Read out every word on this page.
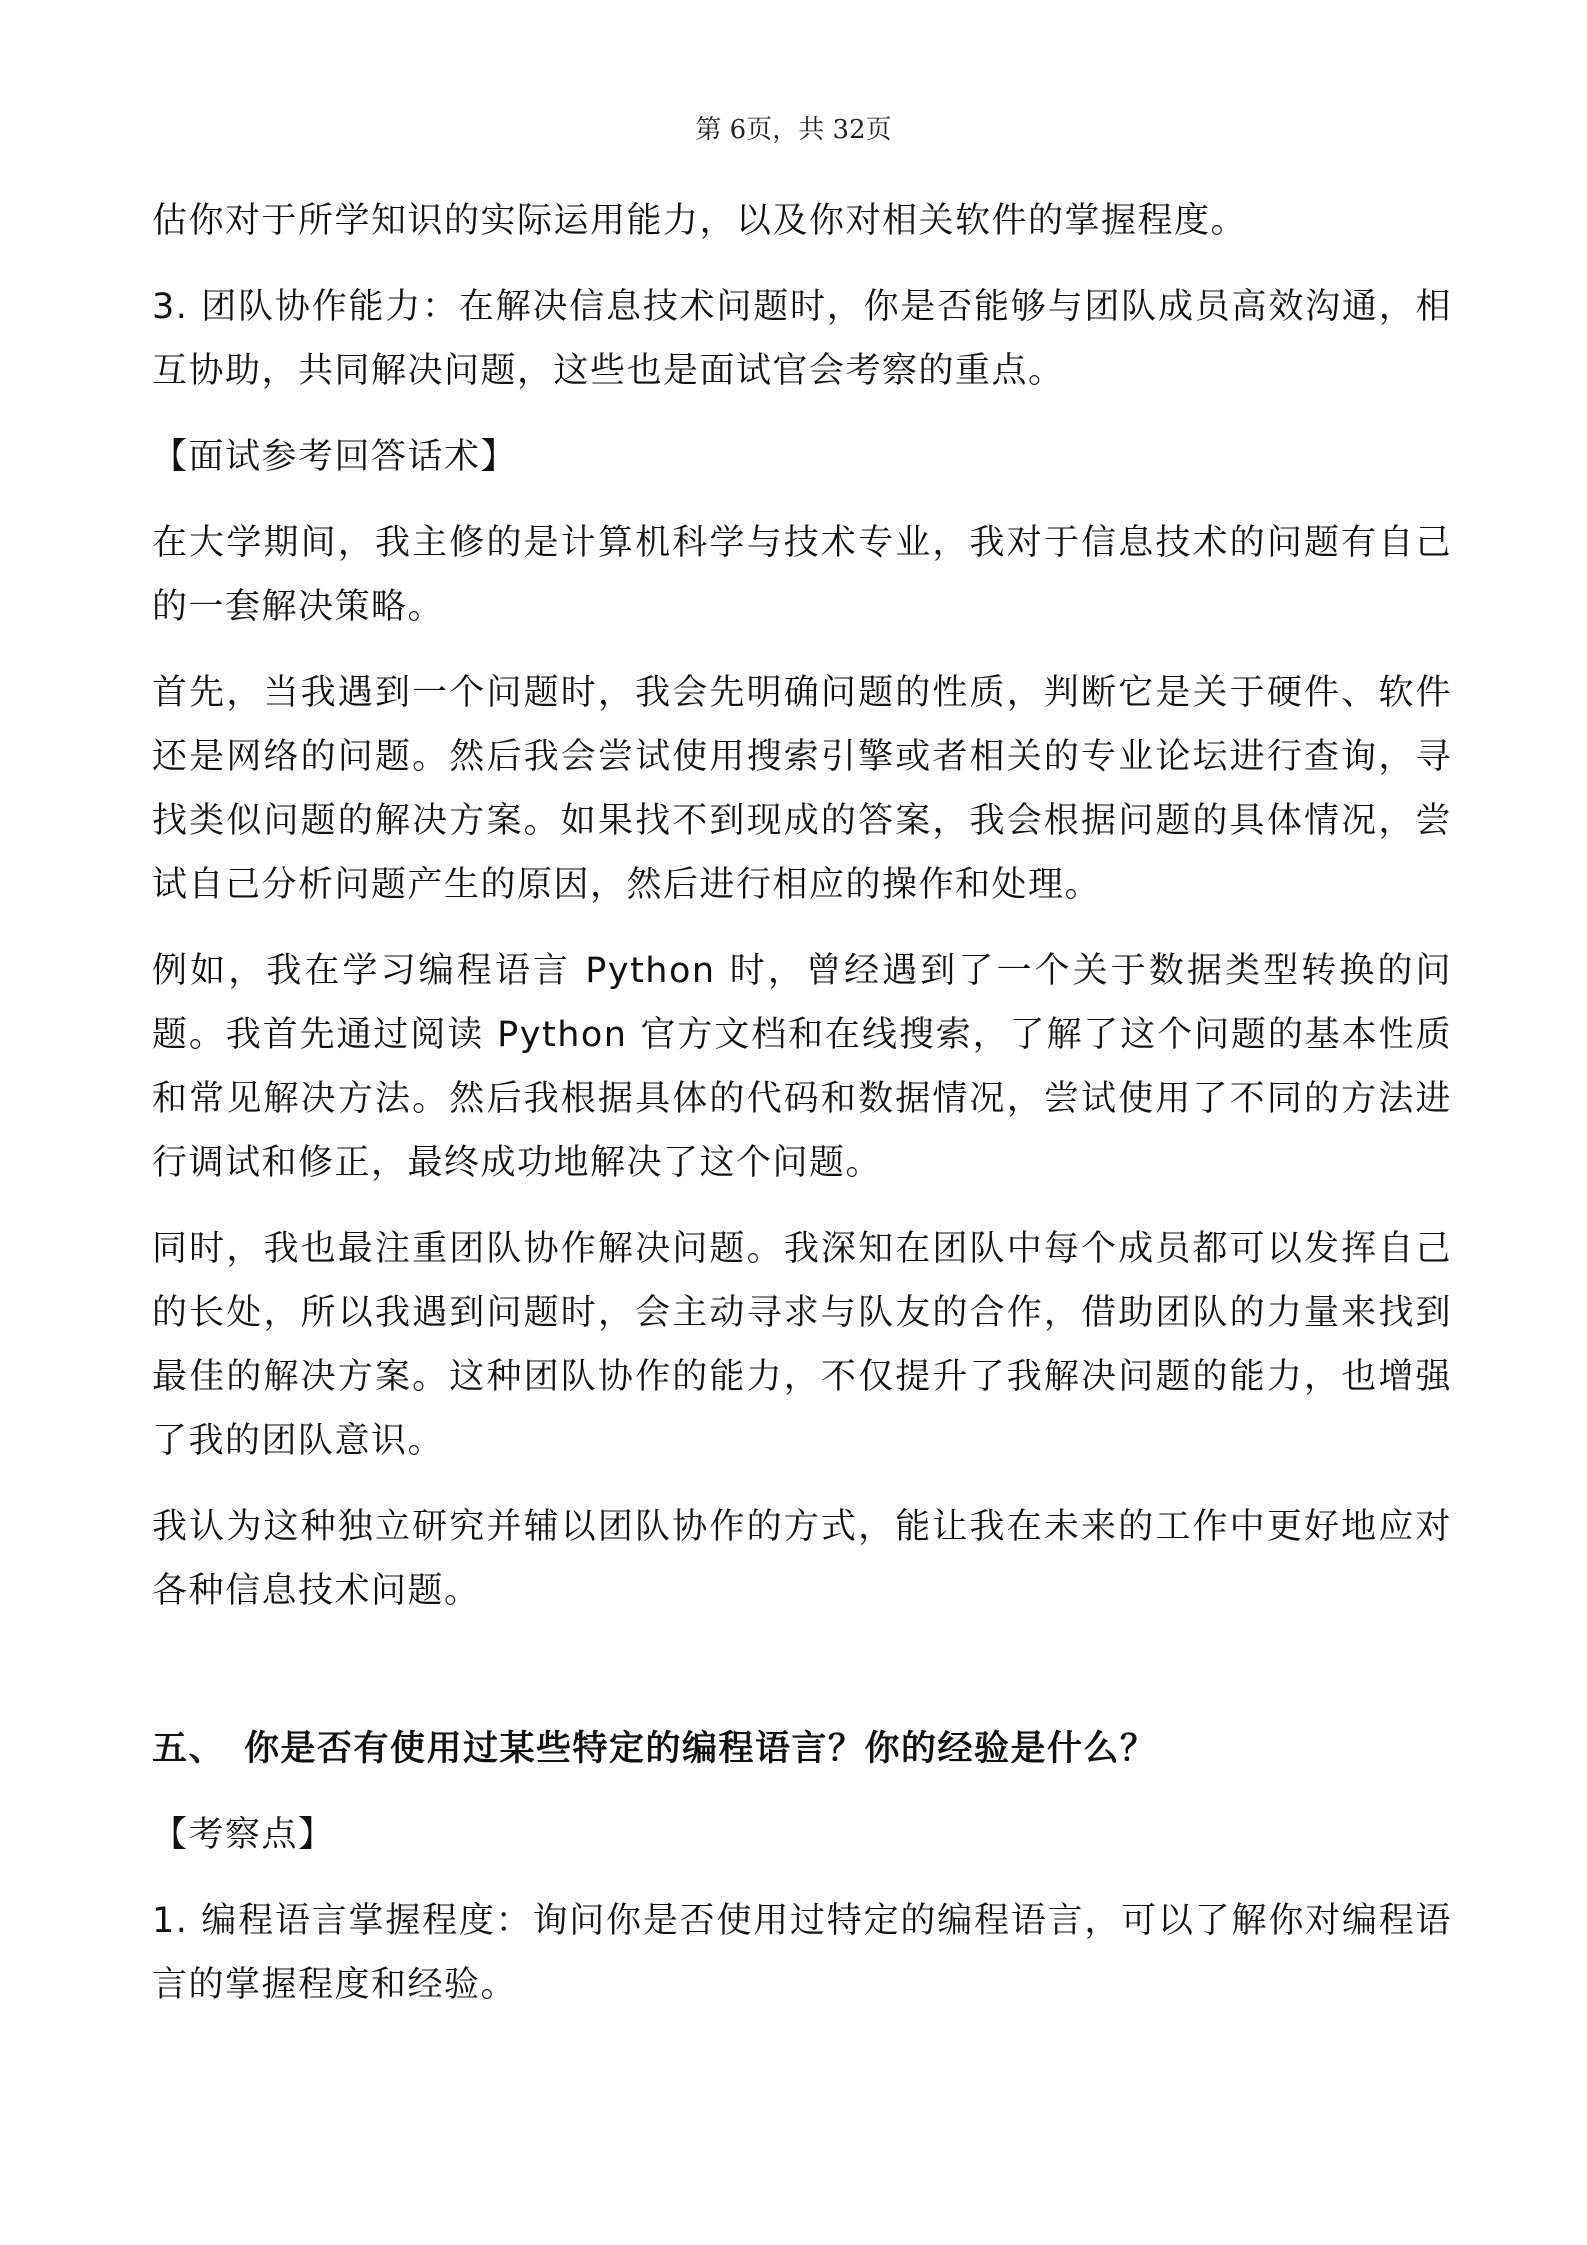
第 6页，共 32页

估你对于所学知识的实际运用能力，以及你对相关软件的掌握程度。

3. 团队协作能力：在解决信息技术问题时，你是否能够与团队成员高效沟通，相互协助，共同解决问题，这些也是面试官会考察的重点。

【面试参考回答话术】

在大学期间，我主修的是计算机科学与技术专业，我对于信息技术的问题有自己的一套解决策略。

首先，当我遇到一个问题时，我会先明确问题的性质，判断它是关于硬件、软件还是网络的问题。然后我会尝试使用搜索引擎或者相关的专业论坛进行查询，寻找类似问题的解决方案。如果找不到现成的答案，我会根据问题的具体情况，尝试自己分析问题产生的原因，然后进行相应的操作和处理。

例如，我在学习编程语言 Python 时，曾经遇到了一个关于数据类型转换的问题。我首先通过阅读 Python 官方文档和在线搜索，了解了这个问题的基本性质和常见解决方法。然后我根据具体的代码和数据情况，尝试使用了不同的方法进行调试和修正，最终成功地解决了这个问题。

同时，我也最注重团队协作解决问题。我深知在团队中每个成员都可以发挥自己的长处，所以我遇到问题时，会主动寻求与队友的合作，借助团队的力量来找到最佳的解决方案。这种团队协作的能力，不仅提升了我解决问题的能力，也增强了我的团队意识。

我认为这种独立研究并辅以团队协作的方式，能让我在未来的工作中更好地应对各种信息技术问题。

五、 你是否有使用过某些特定的编程语言？你的经验是什么？

【考察点】

1. 编程语言掌握程度：询问你是否使用过特定的编程语言，可以了解你对编程语言的掌握程度和经验。
